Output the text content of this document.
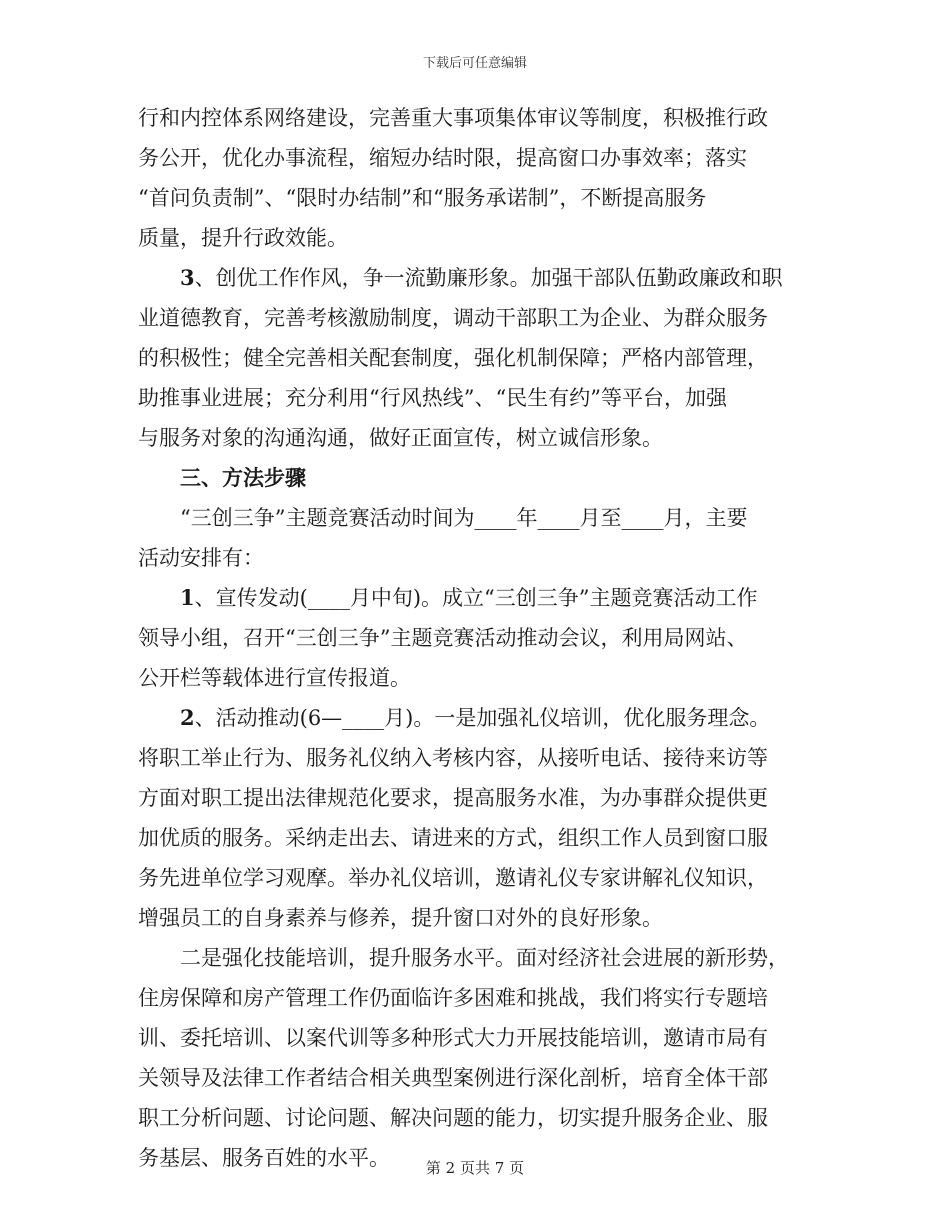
下载后可任意编辑

行和内控体系网络建设，完善重大事项集体审议等制度，积极推行政
务公开，优化办事流程，缩短办结时限，提高窗口办事效率；落实
“首问负责制”、“限时办结制”和“服务承诺制”，不断提高服务
质量，提升行政效能。

3、创优工作作风，争一流勤廉形象。加强干部队伍勤政廉政和职
业道德教育，完善考核激励制度，调动干部职工为企业、为群众服务
的积极性；健全完善相关配套制度，强化机制保障；严格内部管理，
助推事业进展；充分利用“行风热线”、“民生有约”等平台，加强
与服务对象的沟通沟通，做好正面宣传，树立诚信形象。

三、方法步骤

“三创三争”主题竞赛活动时间为____年____月至____月，主要
活动安排有：

1、宣传发动(____月中旬)。成立“三创三争”主题竞赛活动工作
领导小组，召开“三创三争”主题竞赛活动推动会议，利用局网站、
公开栏等载体进行宣传报道。

2、活动推动(6—____月)。一是加强礼仪培训，优化服务理念。
将职工举止行为、服务礼仪纳入考核内容，从接听电话、接待来访等
方面对职工提出法律规范化要求，提高服务水准，为办事群众提供更
加优质的服务。采纳走出去、请进来的方式，组织工作人员到窗口服
务先进单位学习观摩。举办礼仪培训，邀请礼仪专家讲解礼仪知识，
增强员工的自身素养与修养，提升窗口对外的良好形象。

二是强化技能培训，提升服务水平。面对经济社会进展的新形势，
住房保障和房产管理工作仍面临许多困难和挑战，我们将实行专题培
训、委托培训、以案代训等多种形式大力开展技能培训，邀请市局有
关领导及法律工作者结合相关典型案例进行深化剖析，培育全体干部
职工分析问题、讨论问题、解决问题的能力，切实提升服务企业、服
务基层、服务百姓的水平。	第 2 页共 7 页
